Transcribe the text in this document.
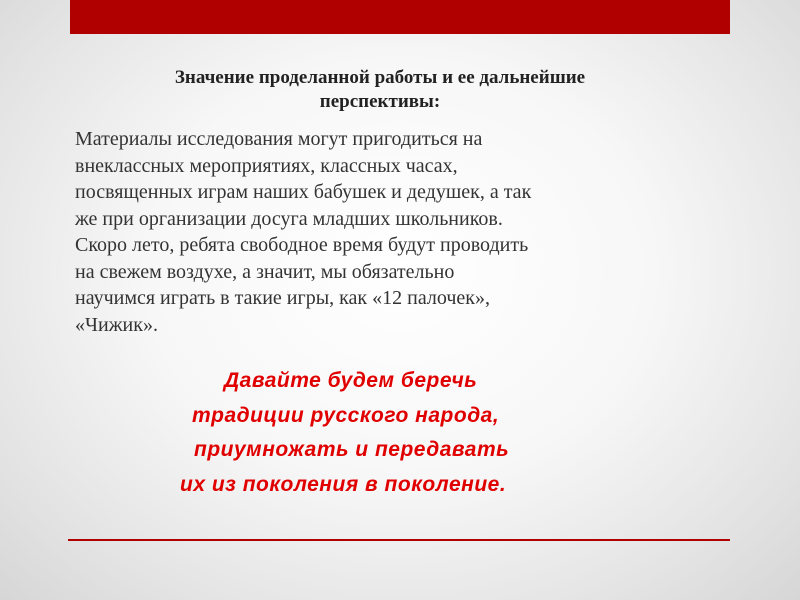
Значение проделанной работы и ее дальнейшие
перспективы:
Материалы исследования могут пригодиться на
внеклассных мероприятиях, классных часах,
посвященных играм наших бабушек и дедушек, а так
же при организации досуга младших школьников.
Скоро лето, ребята свободное время будут проводить
на свежем воздухе, а значит, мы обязательно
научимся играть в такие игры, как «12 палочек»,
«Чижик».
Давайте будем беречь
традиции русского народа,
приумножать и передавать
их из поколения в поколение.
